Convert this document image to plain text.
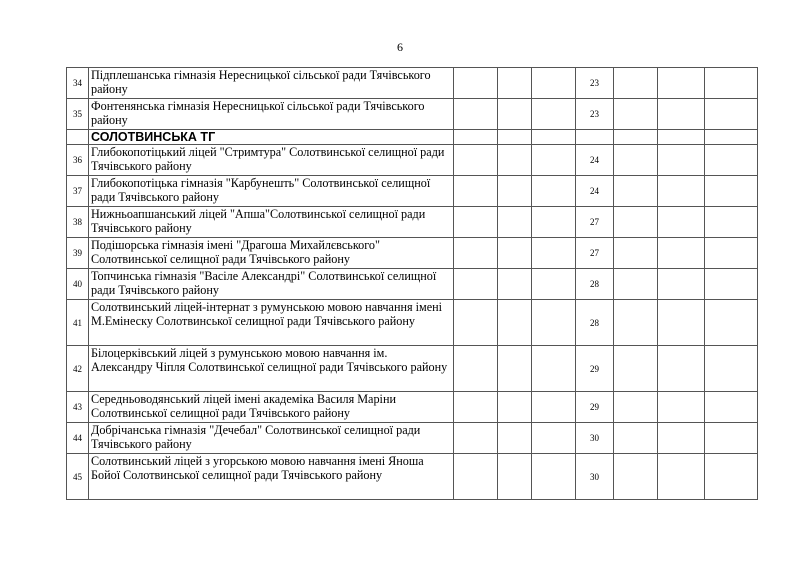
6
34	Підплешанська гімназія Нересницької сільської ради Тячівського району				23			
35	Фонтенянська гімназія Нересницької сільської ради Тячівського району				23			
	СОЛОТВИНСЬКА ТГ							
36	Глибокопотіцький ліцей "Стримтура" Солотвинської селищної ради Тячівського району				24			
37	Глибокопотіцька гімназія "Карбунешть" Солотвинської селищної ради Тячівського району				24			
38	Нижньоапшанський ліцей "Апша"Солотвинської селищної ради Тячівського району				27			
39	Подішорська гімназія імені "Драгоша Михайлєвського" Солотвинської селищної ради Тячівського району				27			
40	Топчинська гімназія "Васіле Александрі" Солотвинської селищної ради Тячівського району				28			
41	Солотвинський ліцей-інтернат з румунською мовою навчання імені М.Емінеску Солотвинської селищної ради Тячівського району				28			
42	Білоцерківський ліцей з румунською мовою навчання ім. Александру Чіпля Солотвинської селищної ради Тячівського району				29			
43	Середньоводянський ліцей імені академіка Василя Маріни Солотвинської селищної ради Тячівського району				29			
44	Добрічанська гімназія "Дечебал" Солотвинської селищної ради Тячівського району				30			
45	Солотвинський ліцей з угорською мовою навчання імені Яноша Бойої Солотвинської селищної ради Тячівського району				30			
